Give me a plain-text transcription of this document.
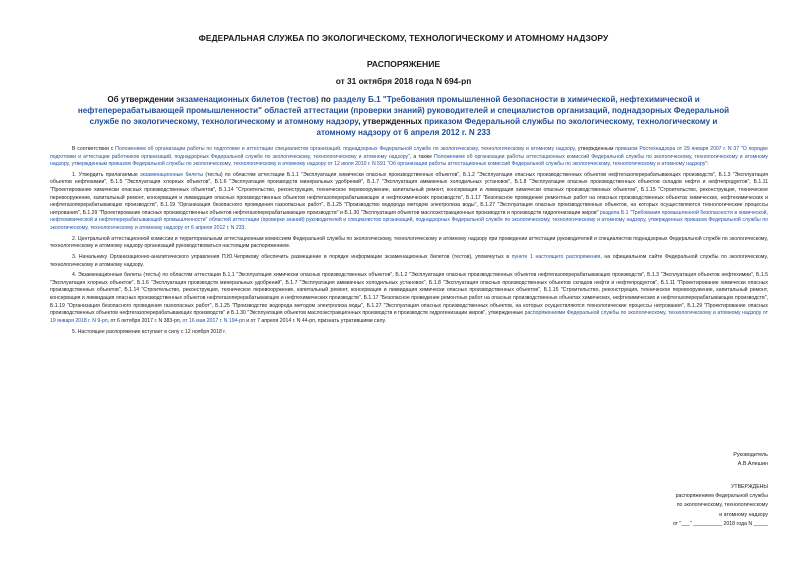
ФЕДЕРАЛЬНАЯ СЛУЖБА ПО ЭКОЛОГИЧЕСКОМУ, ТЕХНОЛОГИЧЕСКОМУ И АТОМНОМУ НАДЗОРУ
РАСПОРЯЖЕНИЕ
от 31 октября 2018 года N 694-рп
Об утверждении экзаменационных билетов (тестов) по разделу Б.1 "Требования промышленной безопасности в химической, нефтехимической и нефтеперерабатывающей промышленности" областей аттестации (проверки знаний) руководителей и специалистов организаций, поднадзорных Федеральной службе по экологическому, технологическому и атомному надзору, утвержденных приказом Федеральной службы по экологическому, технологическому и атомному надзору от 6 апреля 2012 г. N 233

В соответствии с Положением об организации работы по подготовке и аттестации специалистов организаций, поднадзорных Федеральной службе по экологическому, технологическому и атомному надзору, утвержденным приказом Ростехнадзора от 29 января 2007 г. N 37 "О порядке подготовки и аттестации работников организаций, поднадзорных Федеральной службе по экологическому, технологическому и атомному надзору", а также Положением об организации работы аттестационных комиссий Федеральной службы по экологическому, технологическому и атомному надзору, утвержденным приказом Федеральной службы по экологическому, технологическому и атомному надзору от 12 июля 2010 г. N 591 "Об организации работы аттестационных комиссий Федеральной службы по экологическому, технологическому и атомному надзору":

1. Утвердить прилагаемые экзаменационные билеты (тесты) по областям аттестации Б.1.1 "Эксплуатация химически опасных производственных объектов", Б.1.2 "Эксплуатация опасных производственных объектов нефтегазоперерабатывающих производств", Б.1.3 "Эксплуатация объектов нефтехимии", Б.1.5 "Эксплуатация хлорных объектов", Б.1.6 "Эксплуатация производств минеральных удобрений", Б.1.7 "Эксплуатация аммиачных холодильных установок", Б.1.8 "Эксплуатация опасных производственных объектов складов нефти и нефтепродуктов", Б.1.11 "Проектирование химически опасных производственных объектов", Б.1.14 "Строительство, реконструкция, техническое перевооружение, капитальный ремонт, консервация и ликвидация химически опасных производственных объектов", Б.1.15 "Строительство, реконструкция, техническое перевооружение, капитальный ремонт, консервация и ликвидация опасных производственных объектов нефтегазоперерабатывающих и нефтехимических производств", Б.1.17 "Безопасное проведение ремонтных работ на опасных производственных объектах химических, нефтехимических и нефтегазоперерабатывающих производств", Б.1.19 "Организация безопасного проведения газоопасных работ", Б.1.25 "Производство водорода методом электролиза воды", Б.1.27 "Эксплуатация опасных производственных объектов, на которых осуществляются технологические процессы нитрования", Б.1.29 "Проектирование опасных производственных объектов нефтегазоперерабатывающих производств" и Б.1.30 "Эксплуатация объектов маслоэкстракционных производств и производств гидрогенизации жиров" раздела Б.1 "Требования промышленной безопасности в химической, нефтехимической и нефтеперерабатывающей промышленности" областей аттестации (проверки знаний) руководителей и специалистов организаций, поднадзорных Федеральной службе по экологическому, технологическому и атомному надзору, утвержденных приказом Федеральной службы по экологическому, технологическому и атомному надзору от 6 апреля 2012 г. N 233.

2. Центральной аттестационной комиссии и территориальным аттестационным комиссиям Федеральной службы по экологическому, технологическому и атомному надзору при проведении аттестации руководителей и специалистов поднадзорных Федеральной службе по экологическому, технологическому и атомному надзору организаций руководствоваться настоящим распоряжением.

3. Начальнику Организационно-аналитического управления П.Ю.Чепрякову обеспечить размещение в порядке информации экзаменационных билетов (тестов), упомянутых в пункте 1 настоящего распоряжения, на официальном сайте Федеральной службы по экологическому, технологическому и атомному надзору.

4. Экзаменационные билеты (тесты) по областям аттестации Б.1.1 "Эксплуатация химически опасных производственных объектов", Б.1.2 "Эксплуатация опасных производственных объектов нефтегазоперерабатывающих производств", Б.1.3 "Эксплуатация объектов нефтехимии", Б.1.5 "Эксплуатация хлорных объектов", Б.1.6 "Эксплуатация производств минеральных удобрений", Б.1.7 "Эксплуатация аммиачных холодильных установок", Б.1.8 "Эксплуатация опасных производственных объектов складов нефти и нефтепродуктов", Б.1.11 "Проектирование химически опасных производственных объектов", Б.1.14 "Строительство, реконструкция, техническое перевооружение, капитальный ремонт, консервация и ликвидация химически опасных производственных объектов", Б.1.15 "Строительство, реконструкция, техническое перевооружение, капитальный ремонт, консервация и ликвидация опасных производственных объектов нефтегазоперерабатывающих и нефтехимических производств", Б.1.17 "Безопасное проведение ремонтных работ на опасных производственных объектах химических, нефтехимических и нефтегазоперерабатывающих производств", Б.1.19 "Организация безопасного проведения газоопасных работ", Б.1.25 "Производство водорода методом электролиза воды", Б.1.27 "Эксплуатация опасных производственных объектов, на которых осуществляются технологические процессы нитрования", Б.1.29 "Проектирование опасных производственных объектов нефтегазоперерабатывающих производств" и Б.1.30 "Эксплуатация объектов маслоэкстракционных производств и производств гидрогенизации жиров", утвержденные распоряжениями Федеральной службы по экологическому, технологическому и атомному надзору от 19 января 2018 г. N 9-рп, от 6 октября 2017 г. N 383-рп, от 16 мая 2017 г. N 194-рп и от 7 апреля 2014 г. N 44-рп, признать утратившими силу.

5. Настоящее распоряжение вступает в силу с 12 ноября 2018 г.

Руководитель
А.В.Алешин
УТВЕРЖДЕНЫ
распоряжением Федеральной службы
по экологическому, технологическому
и атомному надзору
от "___" __________ 2018 года N _____
